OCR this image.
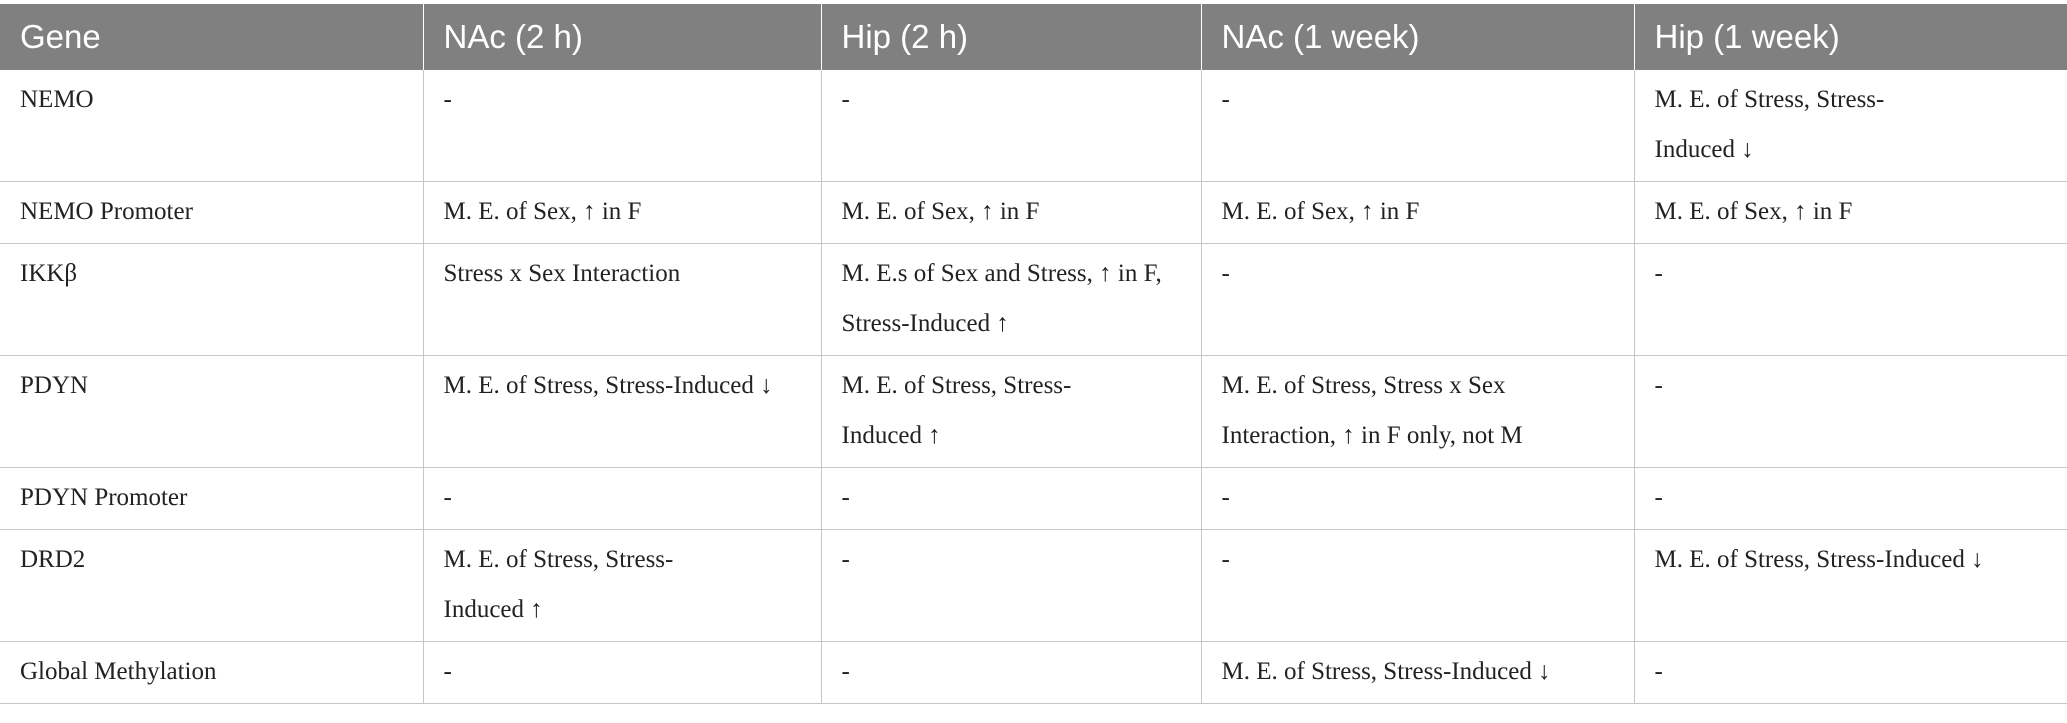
Gene	NAc (2 h)	Hip (2 h)	NAc (1 week)	Hip (1 week)
NEMO	-	-	-	M. E. of Stress, Stress-Induced ↓
NEMO Promoter	M. E. of Sex, ↑ in F	M. E. of Sex, ↑ in F	M. E. of Sex, ↑ in F	M. E. of Sex, ↑ in F
IKKβ	Stress x Sex Interaction	M. E.s of Sex and Stress, ↑ in F, Stress-Induced ↑	-	-
PDYN	M. E. of Stress, Stress-Induced ↓	M. E. of Stress, Stress-Induced ↑	M. E. of Stress, Stress x Sex Interaction, ↑ in F only, not M	-
PDYN Promoter	-	-	-	-
DRD2	M. E. of Stress, Stress-Induced ↑	-	-	M. E. of Stress, Stress-Induced ↓
Global Methylation	-	-	M. E. of Stress, Stress-Induced ↓	-
